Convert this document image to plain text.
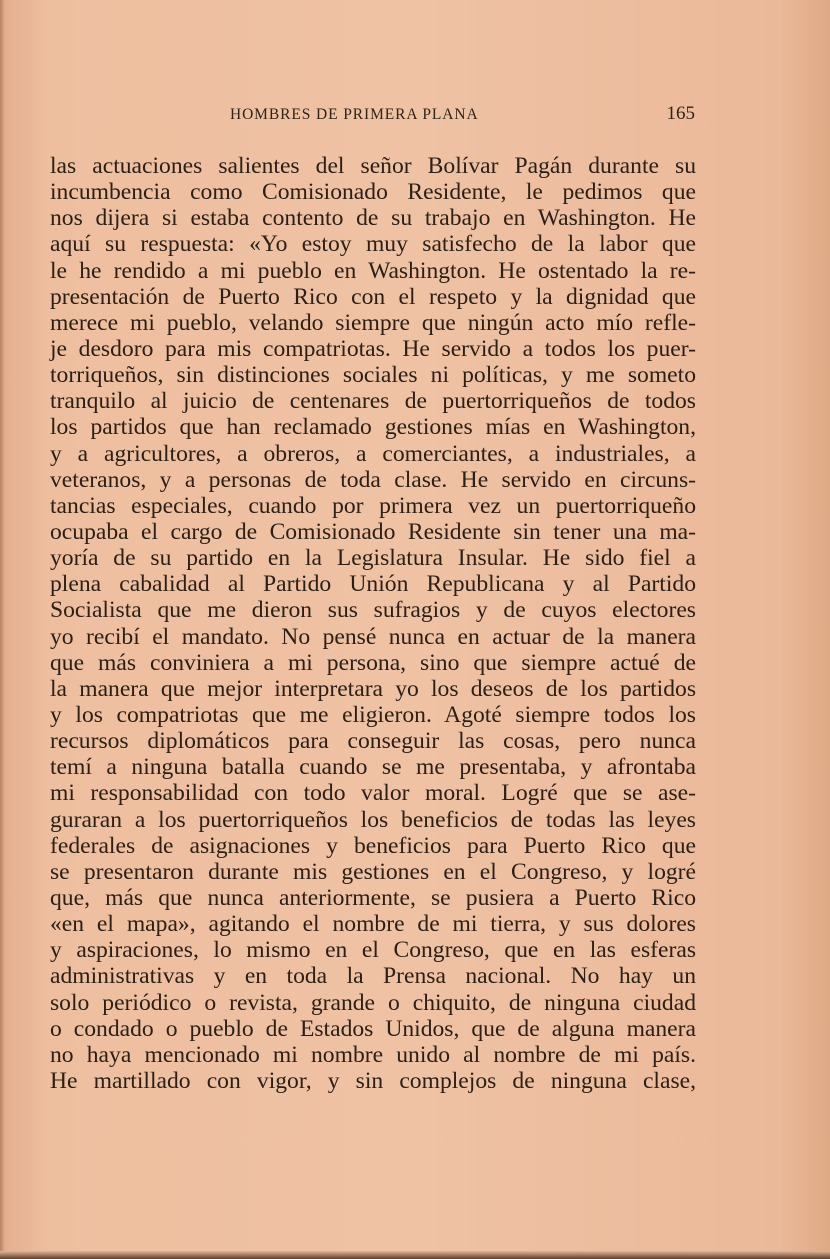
HOMBRES DE PRIMERA PLANA	165
las actuaciones salientes del señor Bolívar Pagán durante su
incumbencia como Comisionado Residente, le pedimos que
nos dijera si estaba contento de su trabajo en Washington. He
aquí su respuesta: «Yo estoy muy satisfecho de la labor que
le he rendido a mi pueblo en Washington. He ostentado la re-
presentación de Puerto Rico con el respeto y la dignidad que
merece mi pueblo, velando siempre que ningún acto mío refle-
je desdoro para mis compatriotas. He servido a todos los puer-
torriqueños, sin distinciones sociales ni políticas, y me someto
tranquilo al juicio de centenares de puertorriqueños de todos
los partidos que han reclamado gestiones mías en Washington,
y a agricultores, a obreros, a comerciantes, a industriales, a
veteranos, y a personas de toda clase. He servido en circuns-
tancias especiales, cuando por primera vez un puertorriqueño
ocupaba el cargo de Comisionado Residente sin tener una ma-
yoría de su partido en la Legislatura Insular. He sido fiel a
plena cabalidad al Partido Unión Republicana y al Partido
Socialista que me dieron sus sufragios y de cuyos electores
yo recibí el mandato. No pensé nunca en actuar de la manera
que más conviniera a mi persona, sino que siempre actué de
la manera que mejor interpretara yo los deseos de los partidos
y los compatriotas que me eligieron. Agoté siempre todos los
recursos diplomáticos para conseguir las cosas, pero nunca
temí a ninguna batalla cuando se me presentaba, y afrontaba
mi responsabilidad con todo valor moral. Logré que se ase-
guraran a los puertorriqueños los beneficios de todas las leyes
federales de asignaciones y beneficios para Puerto Rico que
se presentaron durante mis gestiones en el Congreso, y logré
que, más que nunca anteriormente, se pusiera a Puerto Rico
«en el mapa», agitando el nombre de mi tierra, y sus dolores
y aspiraciones, lo mismo en el Congreso, que en las esferas
administrativas y en toda la Prensa nacional. No hay un
solo periódico o revista, grande o chiquito, de ninguna ciudad
o condado o pueblo de Estados Unidos, que de alguna manera
no haya mencionado mi nombre unido al nombre de mi país.
He martillado con vigor, y sin complejos de ninguna clase,
